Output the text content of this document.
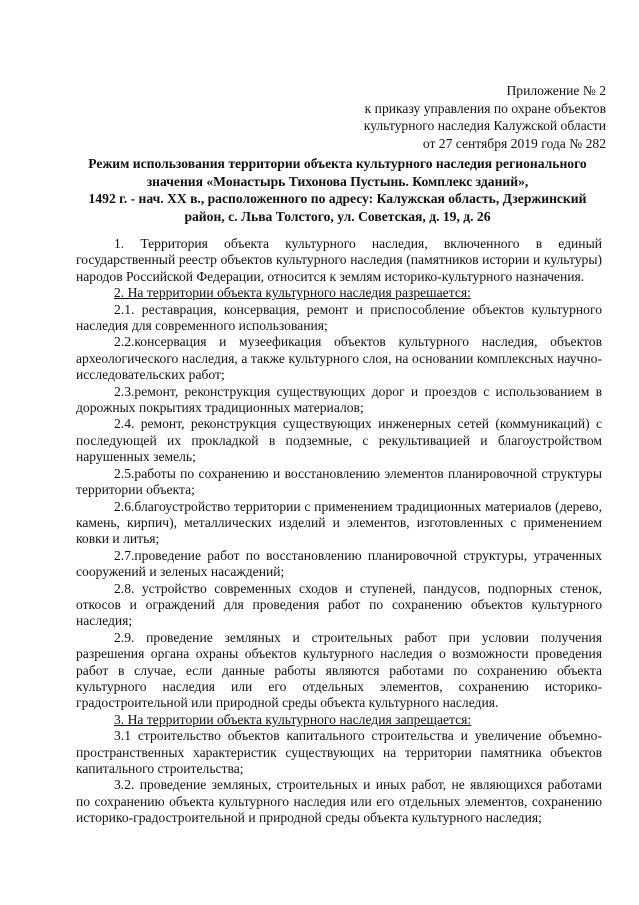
Приложение № 2
к приказу управления по охране объектов
культурного наследия Калужской области
от 27 сентября 2019 года № 282
Режим использования территории объекта культурного наследия регионального
значения «Монастырь Тихонова Пустынь. Комплекс зданий»,
1492 г. - нач. XX в., расположенного по адресу: Калужская область, Дзержинский
район, с. Льва Толстого, ул. Советская, д. 19, д. 26

1. Территория объекта культурного наследия, включенного в единый государственный реестр объектов культурного наследия (памятников истории и культуры) народов Российской Федерации, относится к землям историко-культурного назначения.

2. На территории объекта культурного наследия разрешается:

2.1. реставрация, консервация, ремонт и приспособление объектов культурного наследия для современного использования;

2.2.консервация и музеефикация объектов культурного наследия, объектов археологического наследия, а также культурного слоя, на основании комплексных научно-исследовательских работ;

2.3.ремонт, реконструкция существующих дорог и проездов с использованием в дорожных покрытиях традиционных материалов;

2.4. ремонт, реконструкция существующих инженерных сетей (коммуникаций) с последующей их прокладкой в подземные, с рекультивацией и благоустройством нарушенных земель;

2.5.работы по сохранению и восстановлению элементов планировочной структуры территории объекта;

2.6.благоустройство территории с применением традиционных материалов (дерево, камень, кирпич), металлических изделий и элементов, изготовленных с применением ковки и литья;

2.7.проведение работ по восстановлению планировочной структуры, утраченных сооружений и зеленых насаждений;

2.8. устройство современных сходов и ступеней, пандусов, подпорных стенок, откосов и ограждений для проведения работ по сохранению объектов культурного наследия;

2.9. проведение земляных и строительных работ при условии получения разрешения органа охраны объектов культурного наследия о возможности проведения работ в случае, если данные работы являются работами по сохранению объекта культурного наследия или его отдельных элементов, сохранению историко-градостроительной или природной среды объекта культурного наследия.

3. На территории объекта культурного наследия запрещается:

3.1 строительство объектов капитального строительства и увеличение объемно-пространственных характеристик существующих на территории памятника объектов капитального строительства;

3.2. проведение земляных, строительных и иных работ, не являющихся работами по сохранению объекта культурного наследия или его отдельных элементов, сохранению историко-градостроительной и природной среды объекта культурного наследия;
